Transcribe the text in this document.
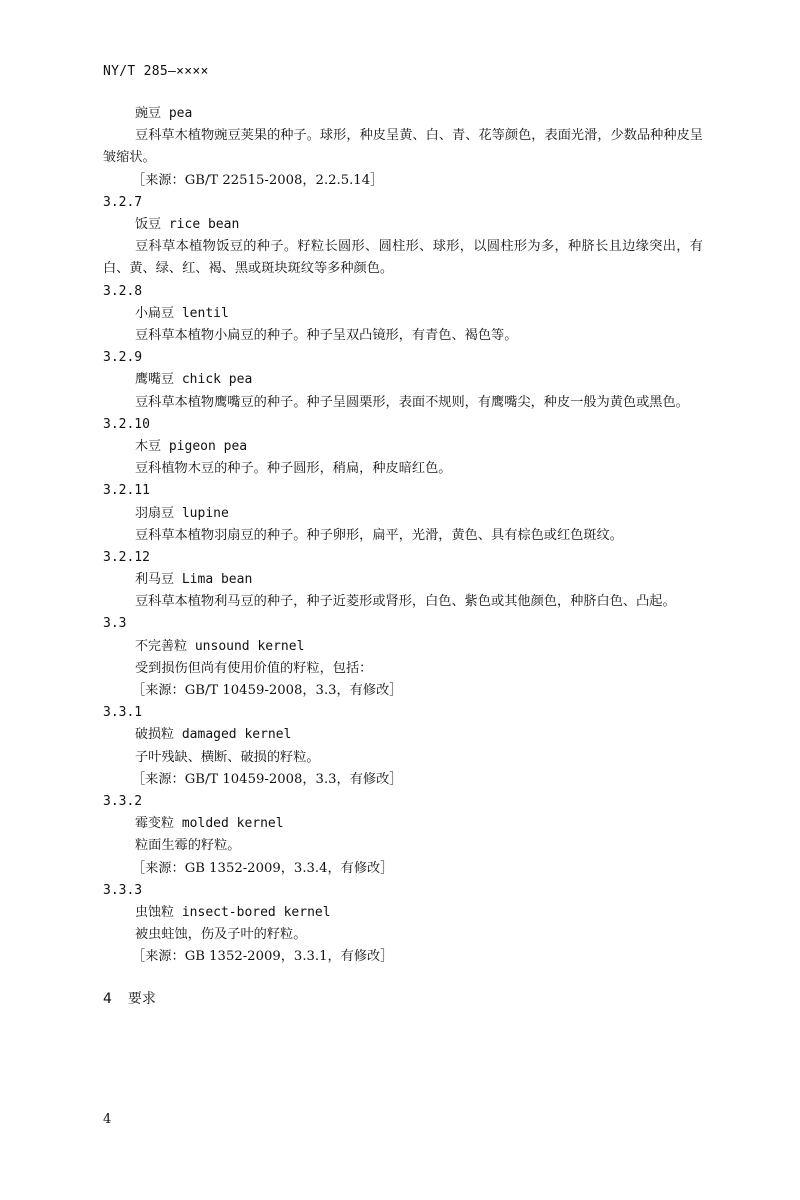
NY/T 285—××××
豌豆 pea
豆科草木植物豌豆荚果的种子。球形，种皮呈黄、白、青、花等颜色，表面光滑，少数品种种皮呈皱缩状。
［来源：GB/T 22515-2008，2.2.5.14］
3.2.7
饭豆 rice bean
豆科草本植物饭豆的种子。籽粒长圆形、圆柱形、球形，以圆柱形为多，种脐长且边缘突出，有白、黄、绿、红、褐、黑或斑块斑纹等多种颜色。
3.2.8
小扁豆 lentil
豆科草本植物小扁豆的种子。种子呈双凸镜形，有青色、褐色等。
3.2.9
鹰嘴豆 chick pea
豆科草本植物鹰嘴豆的种子。种子呈圆栗形，表面不规则，有鹰嘴尖，种皮一般为黄色或黑色。
3.2.10
木豆 pigeon pea
豆科植物木豆的种子。种子圆形，稍扁，种皮暗红色。
3.2.11
羽扇豆 lupine
豆科草本植物羽扇豆的种子。种子卵形，扁平，光滑，黄色、具有棕色或红色斑纹。
3.2.12
利马豆 Lima bean
豆科草本植物利马豆的种子，种子近菱形或肾形，白色、紫色或其他颜色，种脐白色、凸起。
3.3
不完善粒 unsound kernel
受到损伤但尚有使用价值的籽粒，包括：
［来源：GB/T 10459-2008，3.3，有修改］
3.3.1
破损粒 damaged kernel
子叶残缺、横断、破损的籽粒。
［来源：GB/T 10459-2008，3.3，有修改］
3.3.2
霉变粒 molded kernel
粒面生霉的籽粒。
［来源：GB 1352-2009，3.3.4，有修改］
3.3.3
虫蚀粒 insect-bored kernel
被虫蛀蚀，伤及子叶的籽粒。
［来源：GB 1352-2009，3.3.1，有修改］
4 要求
4
